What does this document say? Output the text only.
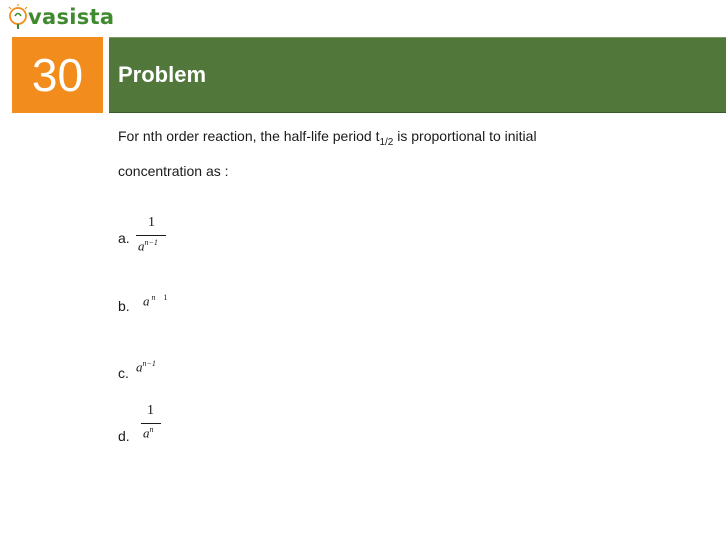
vasista
30 Problem
For nth order reaction, the half-life period $t_{1/2}$ is proportional to initial
concentration as :
a.
1
$a^{n-1}$
b. a $^n$ $^1$
c. $a^{n-1}$
d.
1
$a^n$
